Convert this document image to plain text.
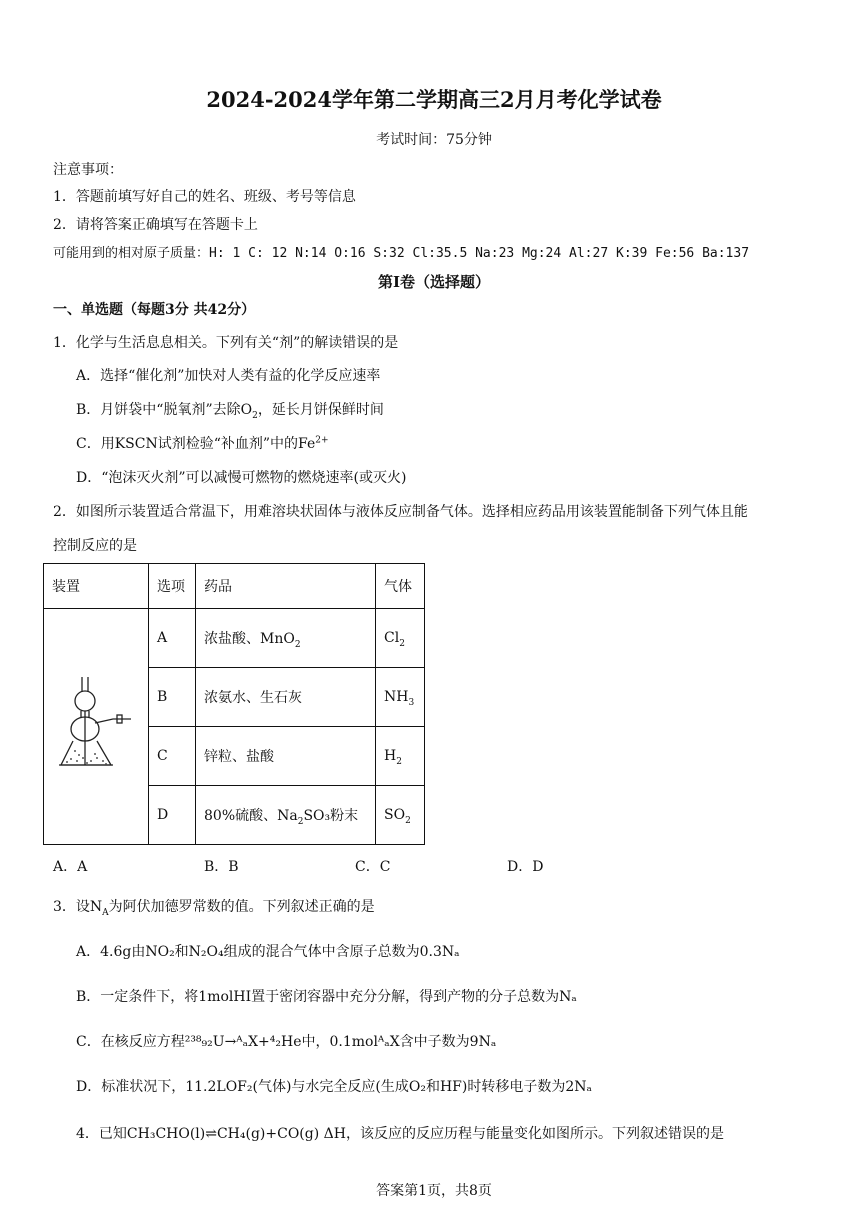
2024-2024学年第二学期高三2月月考化学试卷
考试时间：75分钟
注意事项：
1．答题前填写好自己的姓名、班级、考号等信息
2．请将答案正确填写在答题卡上
可能用到的相对原子质量：H: 1 C: 12 N:14 O:16 S:32 Cl:35.5 Na:23 Mg:24 Al:27 K:39 Fe:56 Ba:137
第Ⅰ卷（选择题）
一、单选题（每题3分 共42分）
1．化学与生活息息相关。下列有关“剂”的解读错误的是
A．选择“催化剂”加快对人类有益的化学反应速率
B．月饼袋中“脱氧剂”去除$O_2$，延长月饼保鲜时间
C．用KSCN试剂检验“补血剂”中的$Fe^{2+}$
D．“泡沫灭火剂”可以减慢可燃物的燃烧速率(或灭火)
2．如图所示装置适合常温下，用难溶块状固体与液体反应制备气体。选择相应药品用该装置能制备下列气体且能
控制反应的是
装置	选项	药品	气体
	A	浓盐酸、MnO$_2$	$Cl_2$
	B	浓氨水、生石灰	$NH_3$
	C	锌粒、盐酸	$H_2$
	D	80%硫酸、$Na_2SO_3$粉末	$SO_2$
A．A	B．B	C．C	D．D
3．设$N_A$为阿伏加德罗常数的值。下列叙述正确的是
A．4.6g由NO₂和N₂O₄组成的混合气体中含原子总数为0.3Nₐ
B．一定条件下，将1molHI置于密闭容器中充分分解，得到产物的分子总数为Nₐ
C．在核反应方程²³⁸₉₂U→ᴬₐX+⁴₂He中，0.1molᴬₐX含中子数为9Nₐ
D．标准状况下，11.2LOF₂(气体)与水完全反应(生成O₂和HF)时转移电子数为2Nₐ
4．已知CH₃CHO(l)⇌CH₄(g)+CO(g) ΔH，该反应的反应历程与能量变化如图所示。下列叙述错误的是
答案第1页，共8页
